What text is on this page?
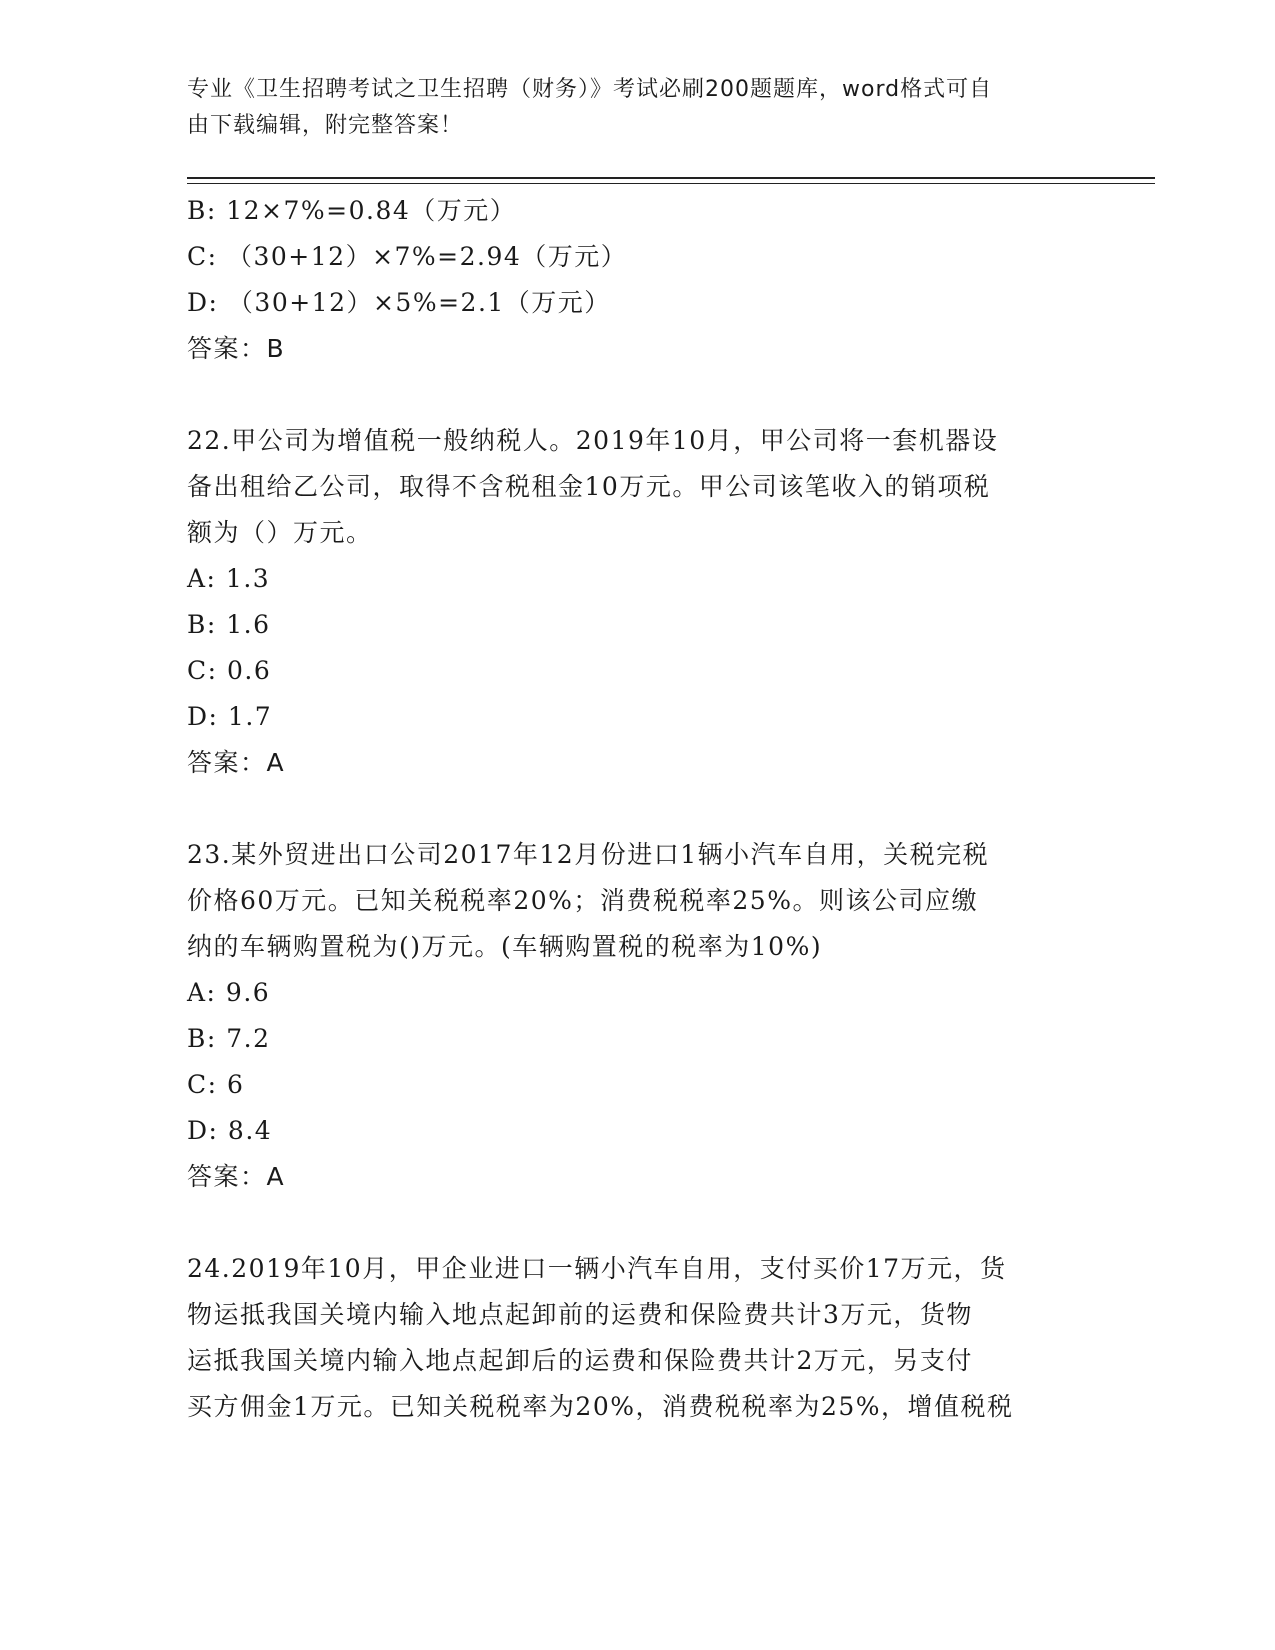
专业《卫生招聘考试之卫生招聘（财务）》考试必刷200题题库，word格式可自
由下载编辑，附完整答案！
B: 12×7%=0.84（万元）
C: （30+12）×7%=2.94（万元）
D: （30+12）×5%=2.1（万元）
答案：B
22.甲公司为增值税一般纳税人。2019年10月，甲公司将一套机器设
备出租给乙公司，取得不含税租金10万元。甲公司该笔收入的销项税
额为（）万元。
A: 1.3
B: 1.6
C: 0.6
D: 1.7
答案：A
23.某外贸进出口公司2017年12月份进口1辆小汽车自用，关税完税
价格60万元。已知关税税率20%；消费税税率25%。则该公司应缴
纳的车辆购置税为()万元。(车辆购置税的税率为10%)
A: 9.6
B: 7.2
C: 6
D: 8.4
答案：A
24.2019年10月，甲企业进口一辆小汽车自用，支付买价17万元，货
物运抵我国关境内输入地点起卸前的运费和保险费共计3万元，货物
运抵我国关境内输入地点起卸后的运费和保险费共计2万元，另支付
买方佣金1万元。已知关税税率为20%，消费税税率为25%，增值税税
